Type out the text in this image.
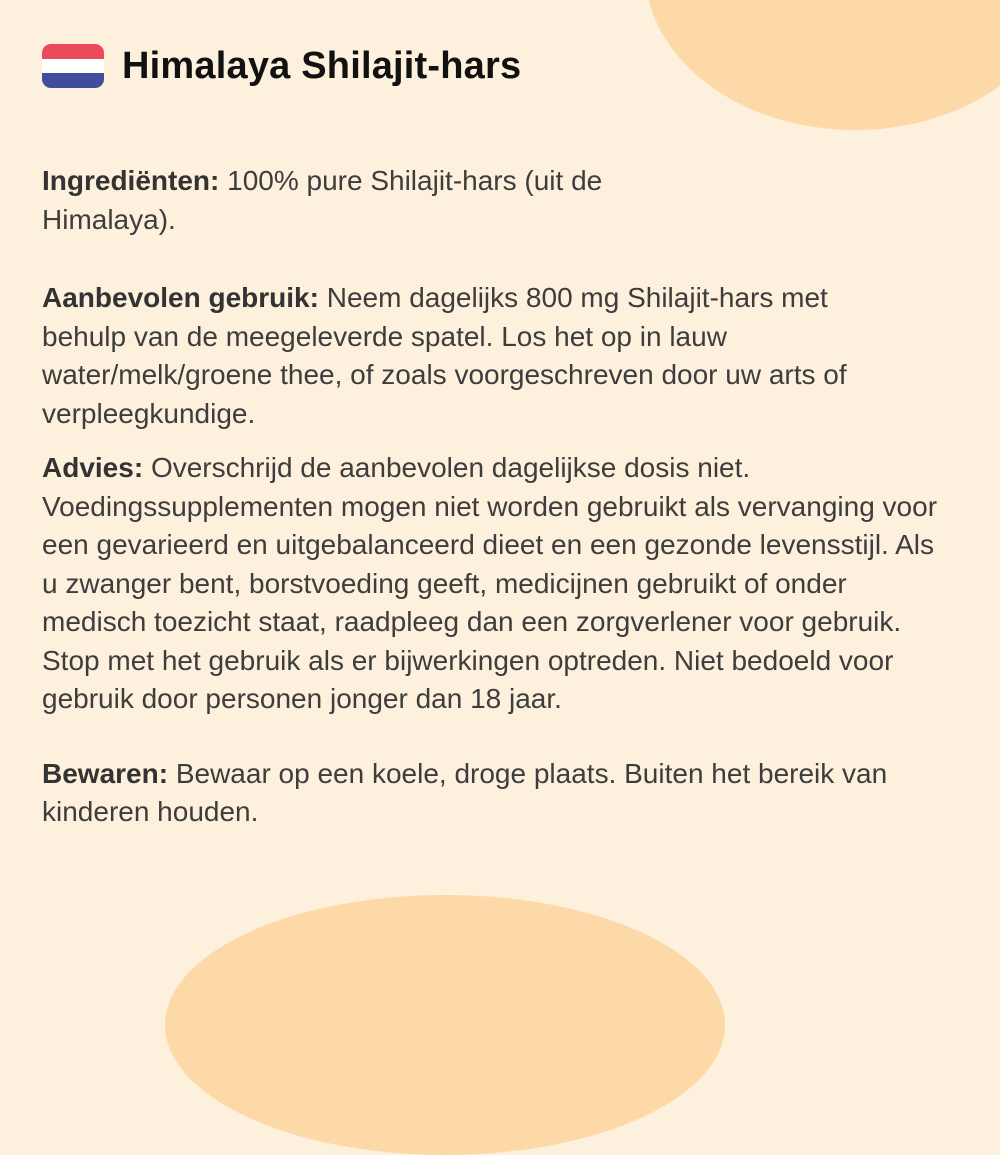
Himalaya Shilajit-hars

Ingrediënten: 100% pure Shilajit-hars (uit de Himalaya).

Aanbevolen gebruik: Neem dagelijks 800 mg Shilajit-hars met behulp van de meegeleverde spatel. Los het op in lauw water/melk/groene thee, of zoals voorgeschreven door uw arts of verpleegkundige.

Advies: Overschrijd de aanbevolen dagelijkse dosis niet. Voedingssupplementen mogen niet worden gebruikt als vervanging voor een gevarieerd en uitgebalanceerd dieet en een gezonde levensstijl. Als u zwanger bent, borstvoeding geeft, medicijnen gebruikt of onder medisch toezicht staat, raadpleeg dan een zorgverlener voor gebruik. Stop met het gebruik als er bijwerkingen optreden. Niet bedoeld voor gebruik door personen jonger dan 18 jaar.

Bewaren: Bewaar op een koele, droge plaats. Buiten het bereik van kinderen houden.
